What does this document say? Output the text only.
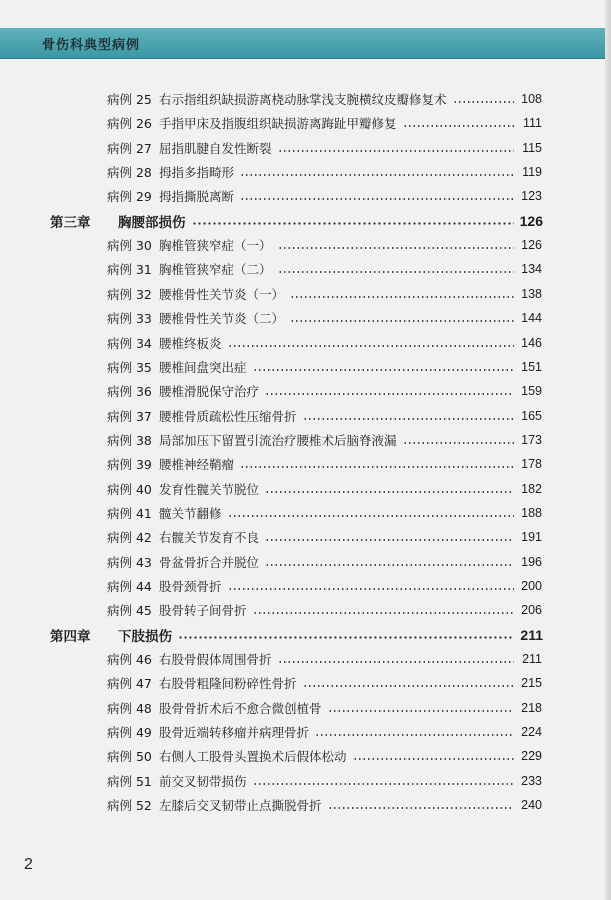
骨伤科典型病例
病例 25 右示指组织缺损游离桡动脉掌浅支腕横纹皮瓣修复术	108
病例 26 手指甲床及指腹组织缺损游离踇趾甲瓣修复	111
病例 27 屈指肌腱自发性断裂	115
病例 28 拇指多指畸形	119
病例 29 拇指撕脱离断	123
第三章	胸腰部损伤	126
病例 30 胸椎管狭窄症（一）	126
病例 31 胸椎管狭窄症（二）	134
病例 32 腰椎骨性关节炎（一）	138
病例 33 腰椎骨性关节炎（二）	144
病例 34 腰椎终板炎	146
病例 35 腰椎间盘突出症	151
病例 36 腰椎滑脱保守治疗	159
病例 37 腰椎骨质疏松性压缩骨折	165
病例 38 局部加压下留置引流治疗腰椎术后脑脊液漏	173
病例 39 腰椎神经鞘瘤	178
病例 40 发育性髋关节脱位	182
病例 41 髋关节翻修	188
病例 42 右髋关节发育不良	191
病例 43 骨盆骨折合并脱位	196
病例 44 股骨颈骨折	200
病例 45 股骨转子间骨折	206
第四章	下肢损伤	211
病例 46 右股骨假体周围骨折	211
病例 47 右股骨粗隆间粉碎性骨折	215
病例 48 股骨骨折术后不愈合微创植骨	218
病例 49 股骨近端转移瘤并病理骨折	224
病例 50 右侧人工股骨头置换术后假体松动	229
病例 51 前交叉韧带损伤	233
病例 52 左膝后交叉韧带止点撕脱骨折	240
2
